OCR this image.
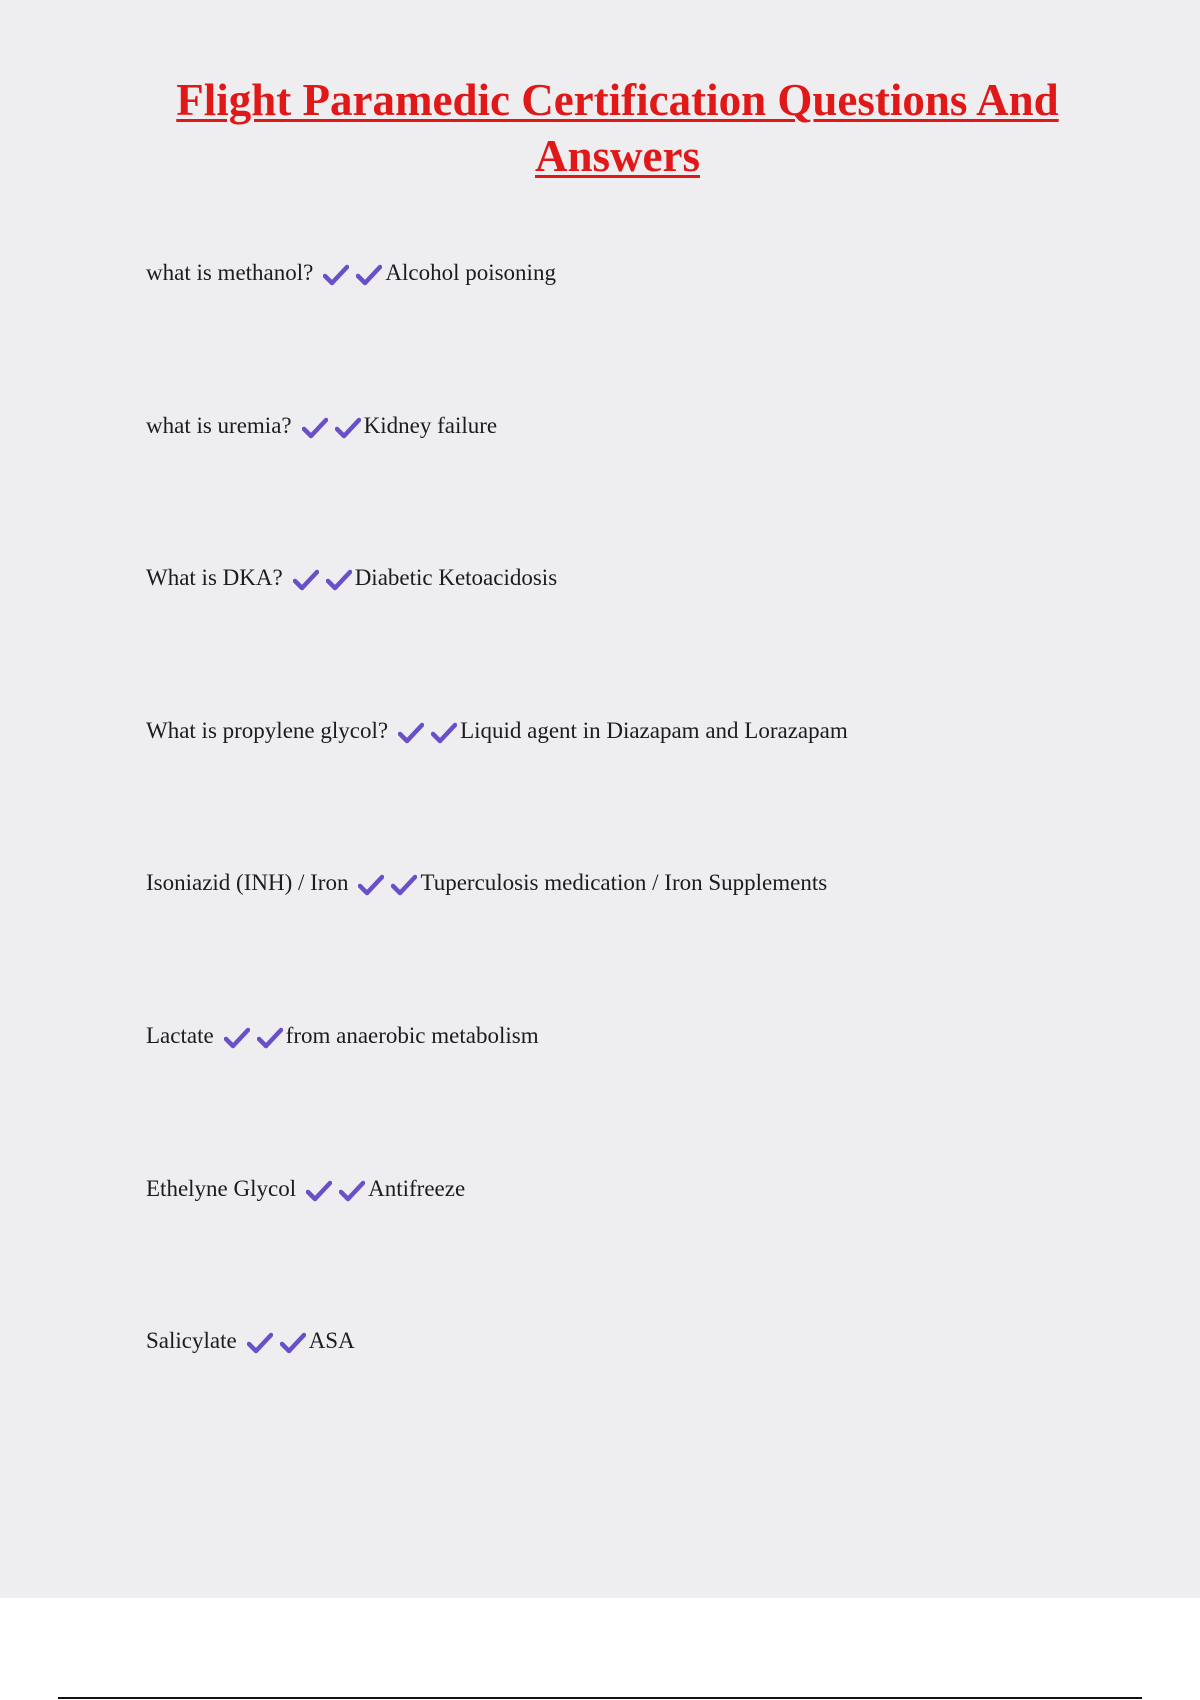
Flight Paramedic Certification Questions And Answers

what is methanol?	Alcohol poisoning

what is uremia?	Kidney failure

What is DKA?	Diabetic Ketoacidosis

What is propylene glycol?	Liquid agent in Diazapam and Lorazapam

Isoniazid (INH) / Iron	Tuperculosis medication / Iron Supplements

Lactate	from anaerobic metabolism

Ethelyne Glycol	Antifreeze

Salicylate	ASA
